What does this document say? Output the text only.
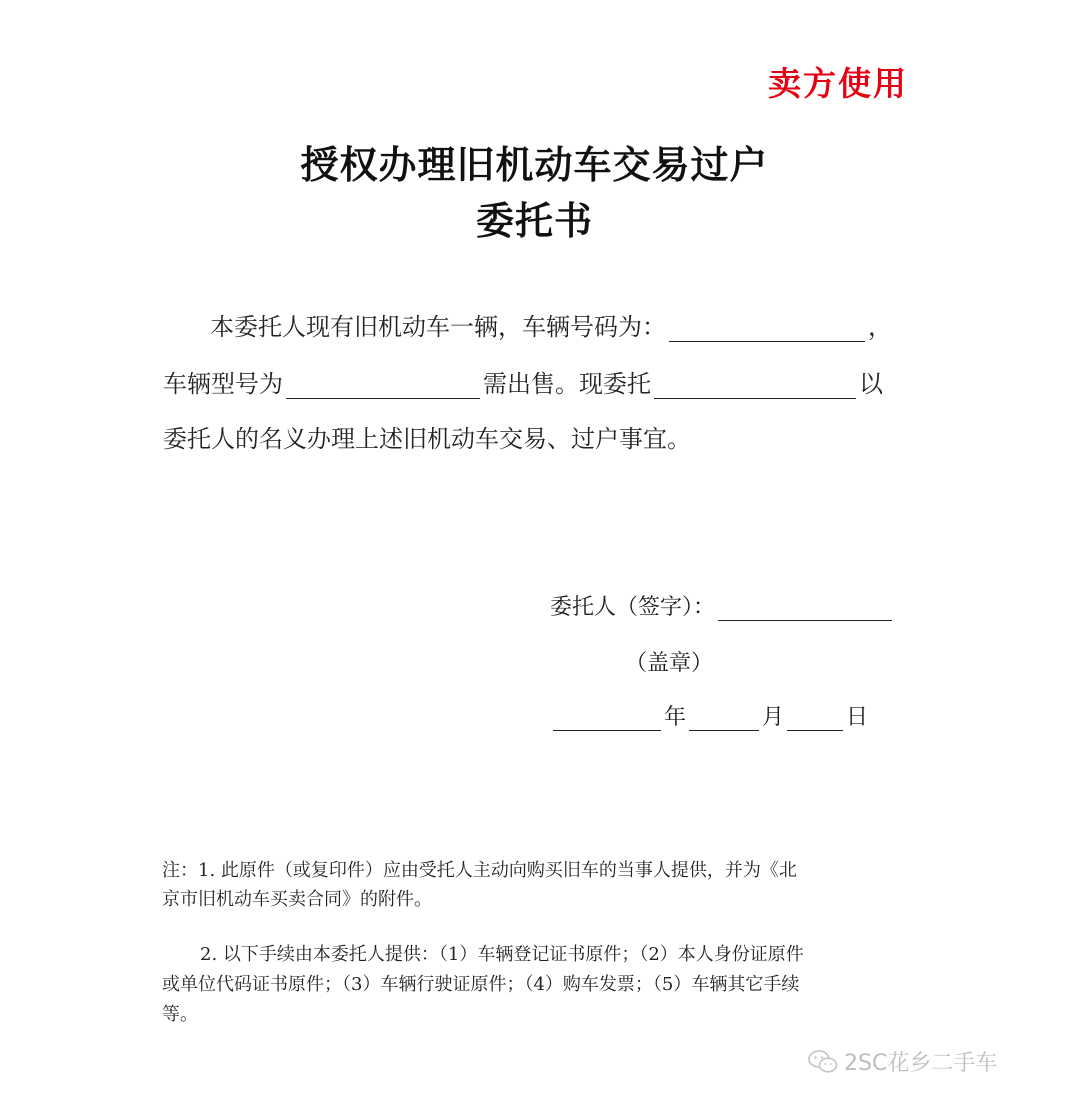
卖方使用
授权办理旧机动车交易过户
委托书
本委托人现有旧机动车一辆，车辆号码为：	，
车辆型号为	需出售。现委托	以
委托人的名义办理上述旧机动车交易、过户事宜。
委托人（签字）：
（盖章）
年	月	日
注：1. 此原件（或复印件）应由受托人主动向购买旧车的当事人提供，并为《北
京市旧机动车买卖合同》的附件。
2. 以下手续由本委托人提供：（1）车辆登记证书原件；（2）本人身份证原件
或单位代码证书原件；（3）车辆行驶证原件；（4）购车发票；（5）车辆其它手续
等。
2SC花乡二手车
